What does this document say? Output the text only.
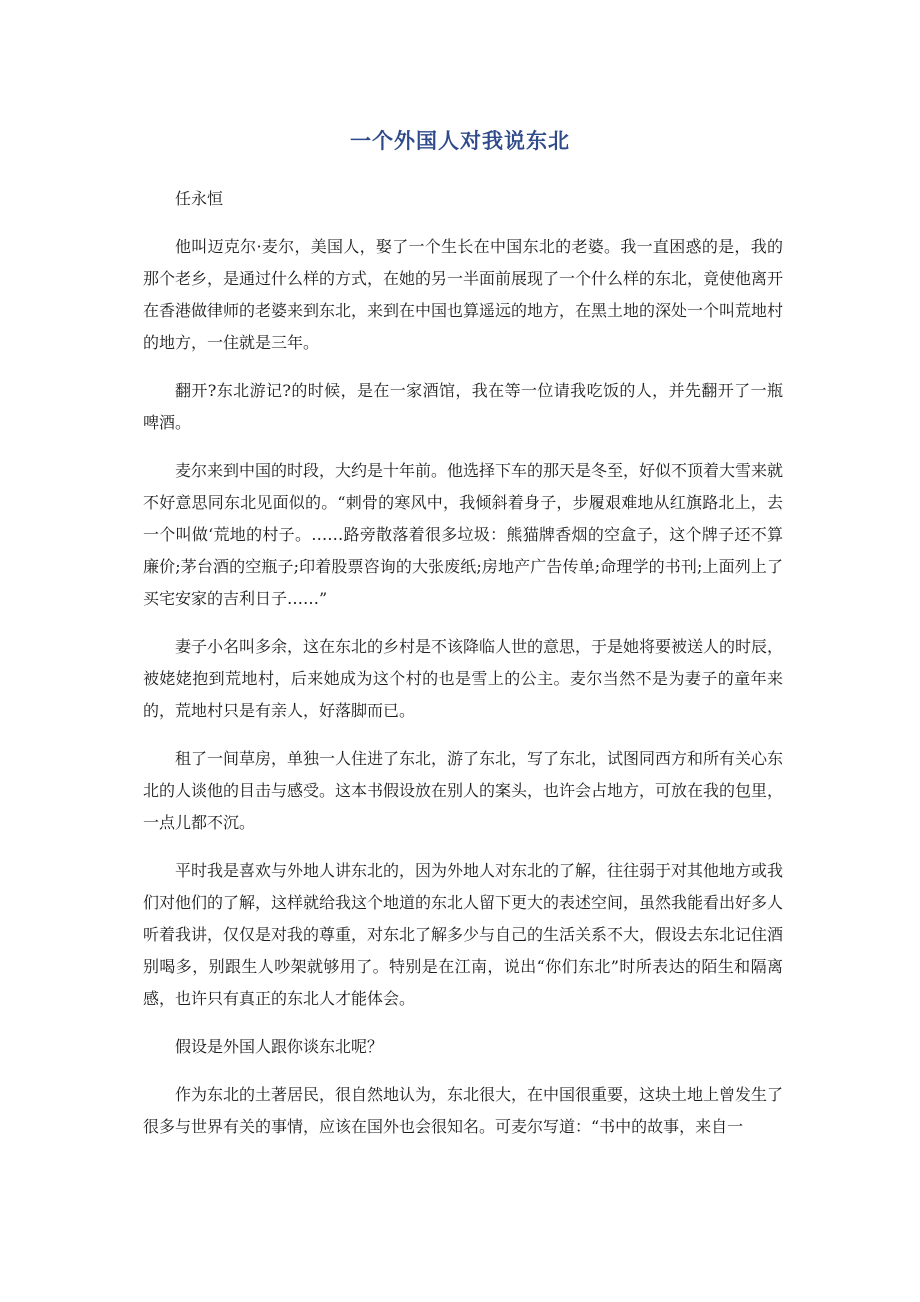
一个外国人对我说东北

任永恒

他叫迈克尔·麦尔，美国人，娶了一个生长在中国东北的老婆。我一直困惑的是，我的那个老乡，是通过什么样的方式，在她的另一半面前展现了一个什么样的东北，竟使他离开在香港做律师的老婆来到东北，来到在中国也算遥远的地方，在黑土地的深处一个叫荒地村的地方，一住就是三年。

翻开?东北游记?的时候，是在一家酒馆，我在等一位请我吃饭的人，并先翻开了一瓶啤酒。

麦尔来到中国的时段，大约是十年前。他选择下车的那天是冬至，好似不顶着大雪来就不好意思同东北见面似的。“刺骨的寒风中，我倾斜着身子，步履艰难地从红旗路北上，去一个叫做‘荒地的村子。……路旁散落着很多垃圾：熊猫牌香烟的空盒子，这个牌子还不算廉价;茅台酒的空瓶子;印着股票咨询的大张废纸;房地产广告传单;命理学的书刊;上面列上了买宅安家的吉利日子……”

妻子小名叫多余，这在东北的乡村是不该降临人世的意思，于是她将要被送人的时辰，被姥姥抱到荒地村，后来她成为这个村的也是雪上的公主。麦尔当然不是为妻子的童年来的，荒地村只是有亲人，好落脚而已。

租了一间草房，单独一人住进了东北，游了东北，写了东北，试图同西方和所有关心东北的人谈他的目击与感受。这本书假设放在别人的案头，也许会占地方，可放在我的包里，一点儿都不沉。

平时我是喜欢与外地人讲东北的，因为外地人对东北的了解，往往弱于对其他地方或我们对他们的了解，这样就给我这个地道的东北人留下更大的表述空间，虽然我能看出好多人听着我讲，仅仅是对我的尊重，对东北了解多少与自己的生活关系不大，假设去东北记住酒别喝多，别跟生人吵架就够用了。特别是在江南，说出“你们东北”时所表达的陌生和隔离感，也许只有真正的东北人才能体会。

假设是外国人跟你谈东北呢？

作为东北的土著居民，很自然地认为，东北很大，在中国很重要，这块土地上曾发生了很多与世界有关的事情，应该在国外也会很知名。可麦尔写道：“书中的故事，来自一
